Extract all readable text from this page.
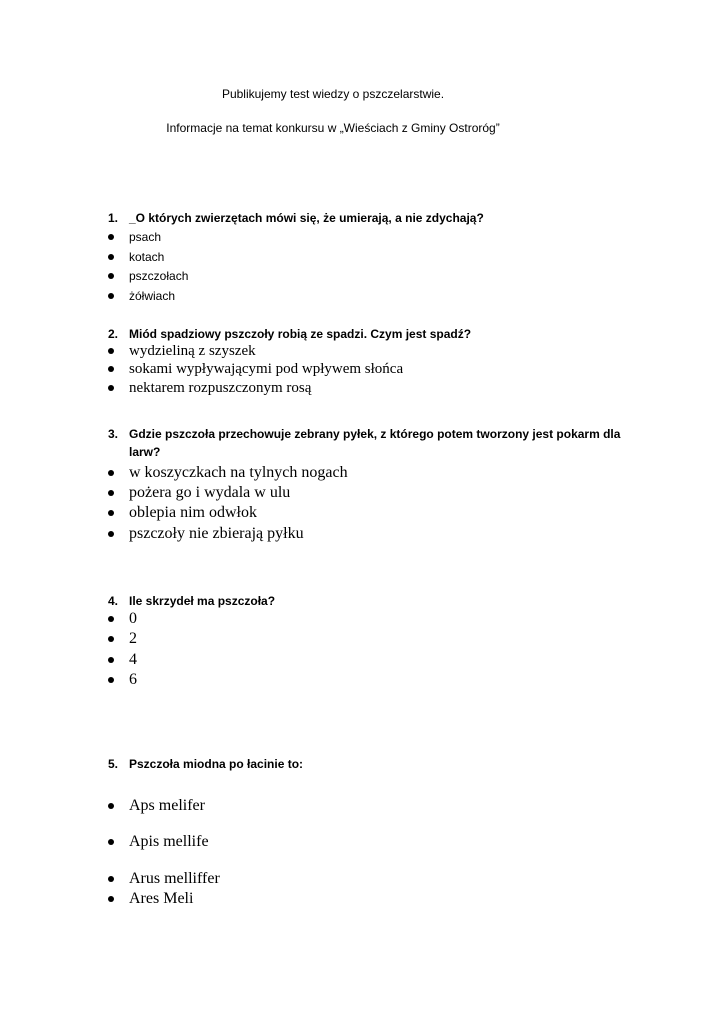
Publikujemy test wiedzy o pszczelarstwie.
Informacje na temat konkursu w „Wieściach z Gminy Ostroróg”
1. _O których zwierzętach mówi się, że umierają, a nie zdychają?
psach
kotach
pszczołach
żółwiach
2. Miód spadziowy pszczoły robią ze spadzi. Czym jest spadź?
wydzieliną z szyszek
sokami wypływającymi pod wpływem słońca
nektarem rozpuszczonym rosą
3. Gdzie pszczoła przechowuje zebrany pyłek, z którego potem tworzony jest pokarm dla larw?
w koszyczkach na tylnych nogach
pożera go i wydala w ulu
oblepia nim odwłok
pszczoły nie zbierają pyłku
4. Ile skrzydeł ma pszczoła?
0
2
4
6
5. Pszczoła miodna po łacinie to:
Aps melifer
Apis mellife
Arus melliffer
Ares Meli
